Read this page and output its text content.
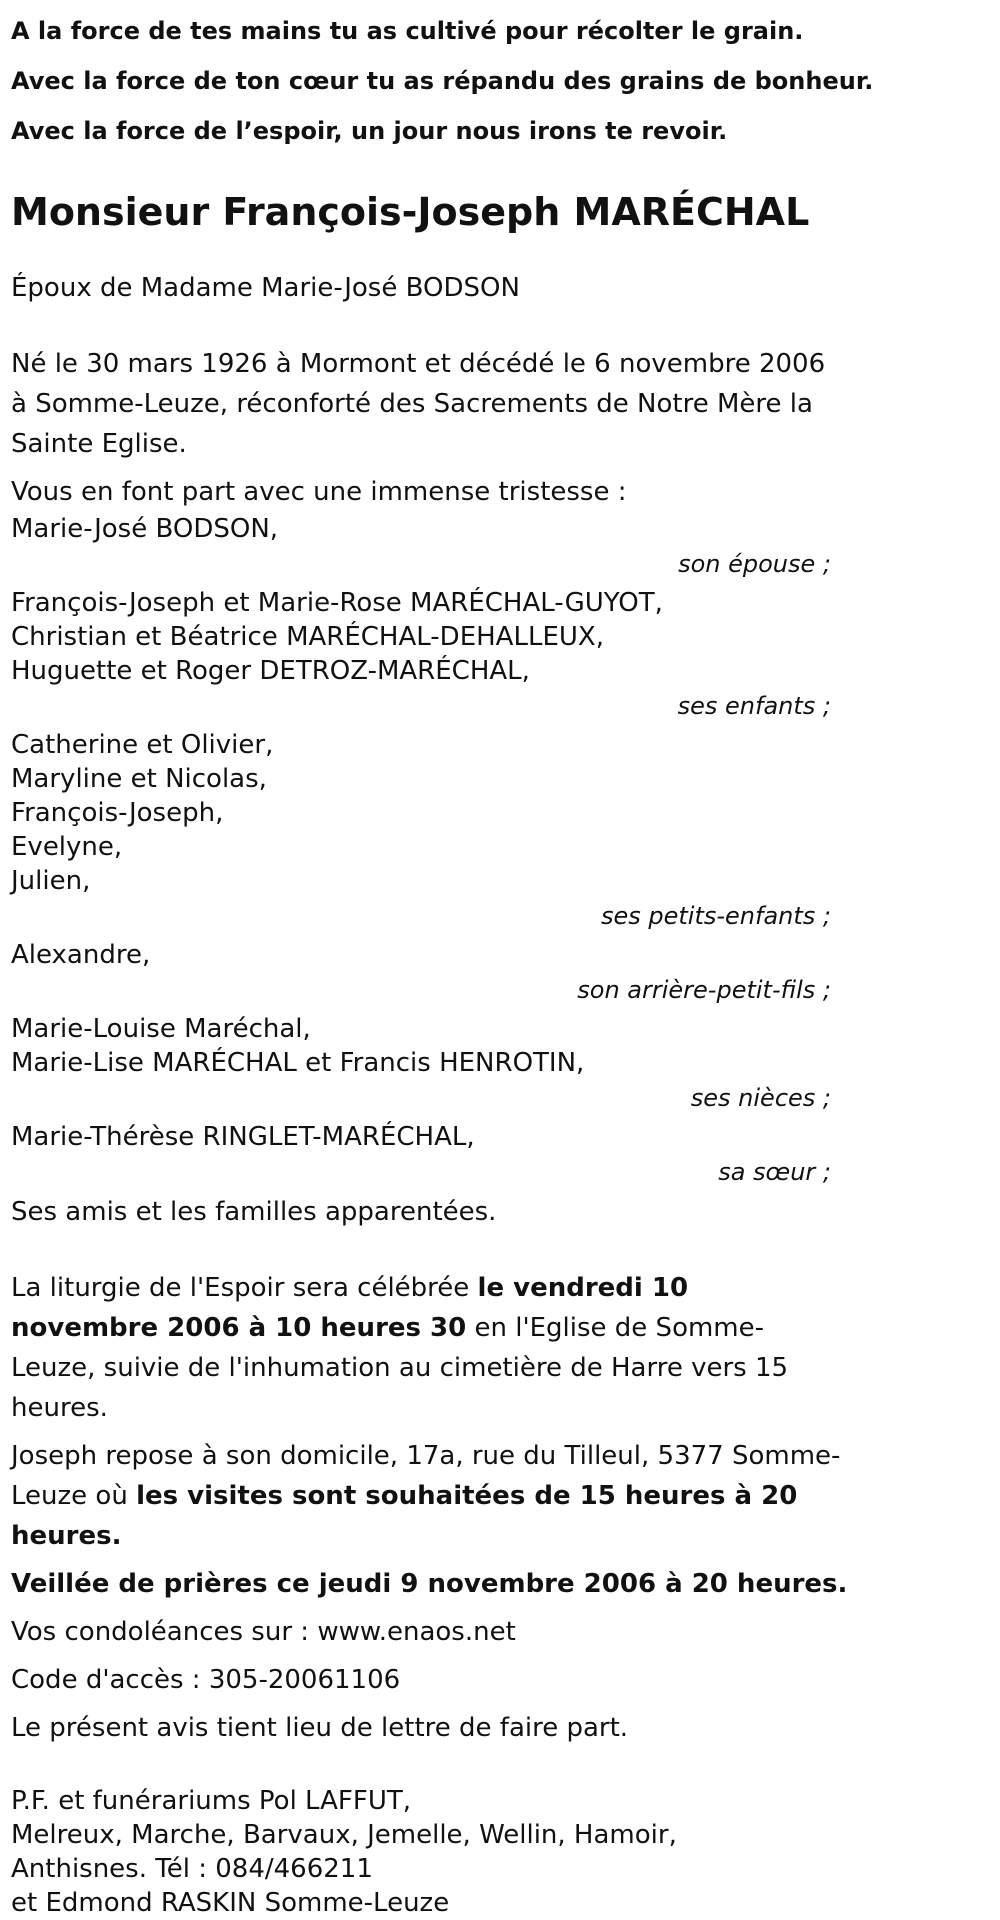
A la force de tes mains tu as cultivé pour récolter le grain.
Avec la force de ton cœur tu as répandu des grains de bonheur.
Avec la force de l’espoir, un jour nous irons te revoir.
Monsieur François-Joseph MARÉCHAL
Époux de Madame Marie-José BODSON
Né le 30 mars 1926 à Mormont et décédé le 6 novembre 2006 à Somme-Leuze, réconforté des Sacrements de Notre Mère la Sainte Eglise.
Vous en font part avec une immense tristesse :
Marie-José BODSON,
son épouse ;
François-Joseph et Marie-Rose MARÉCHAL-GUYOT,
Christian et Béatrice MARÉCHAL-DEHALLEUX,
Huguette et Roger DETROZ-MARÉCHAL,
ses enfants ;
Catherine et Olivier,
Maryline et Nicolas,
François-Joseph,
Evelyne,
Julien,
ses petits-enfants ;
Alexandre,
son arrière-petit-fils ;
Marie-Louise Maréchal,
Marie-Lise MARÉCHAL et Francis HENROTIN,
ses nièces ;
Marie-Thérèse RINGLET-MARÉCHAL,
sa sœur ;
Ses amis et les familles apparentées.
La liturgie de l'Espoir sera célébrée le vendredi 10 novembre 2006 à 10 heures 30 en l'Eglise de Somme-Leuze, suivie de l'inhumation au cimetière de Harre vers 15 heures.
Joseph repose à son domicile, 17a, rue du Tilleul, 5377 Somme-Leuze où les visites sont souhaitées de 15 heures à 20 heures.
Veillée de prières ce jeudi 9 novembre 2006 à 20 heures.
Vos condoléances sur : www.enaos.net
Code d'accès : 305-20061106
Le présent avis tient lieu de lettre de faire part.
P.F. et funérariums Pol LAFFUT,
Melreux, Marche, Barvaux, Jemelle, Wellin, Hamoir, Anthisnes. Tél : 084/466211
et Edmond RASKIN Somme-Leuze
